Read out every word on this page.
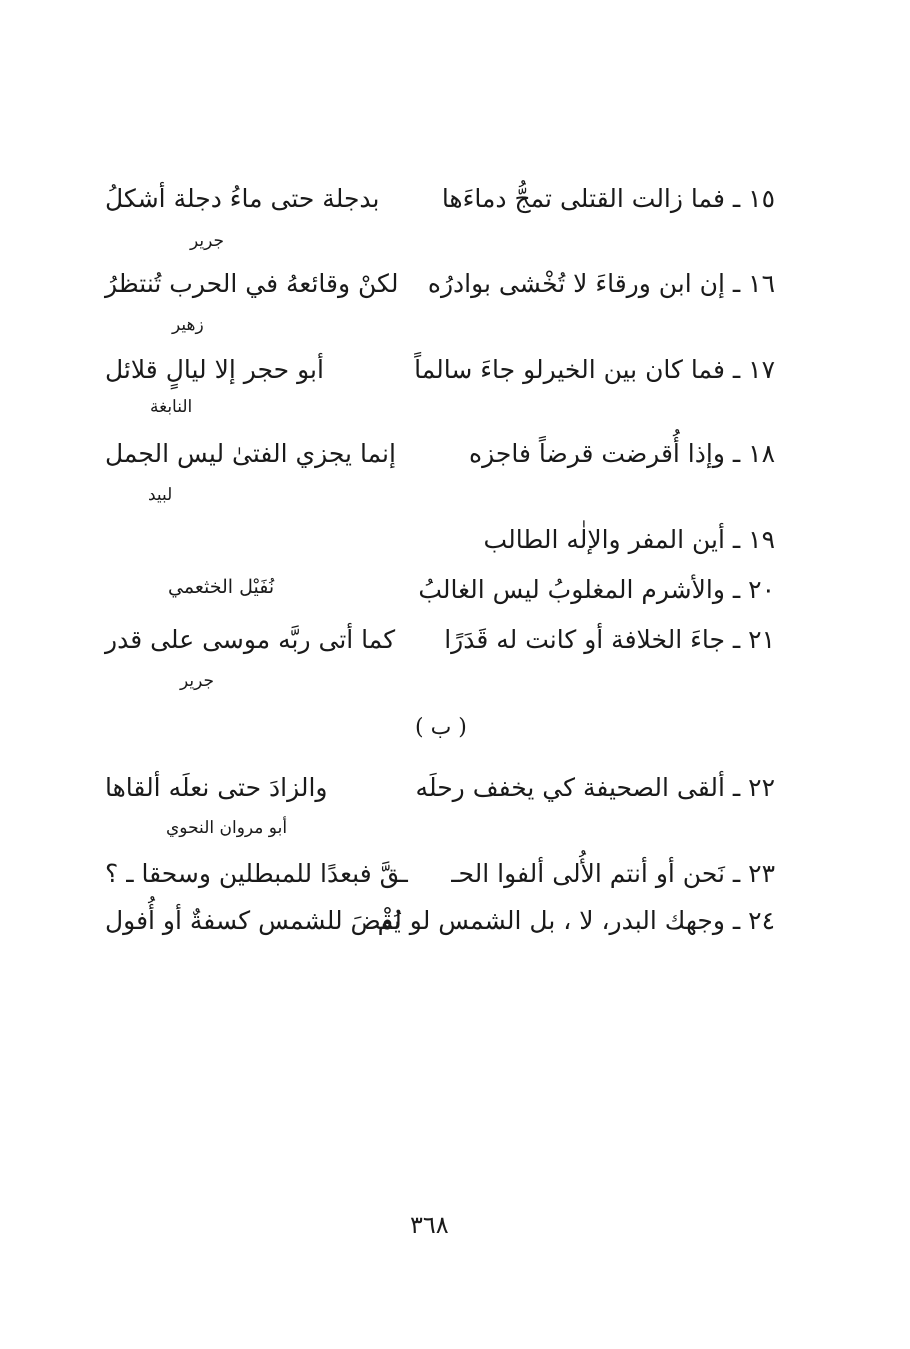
١٥ ـ فما زالت القتلى تمجُّ دماءَها
بدجلة حتى ماءُ دجلة أشكلُ
جرير
١٦ ـ إن ابن ورقاءَ لا تُخْشى بوادرُه
لكنْ وقائعهُ في الحرب تُنتظرُ
زهير
١٧ ـ فما كان بين الخيرلو جاءَ سالماً
أبو حجر إلا ليالٍ قلائل
النابغة
١٨ ـ وإذا أُقرضت قرضاً فاجزه
إنما يجزي الفتىٰ ليس الجمل
لبيد
١٩ ـ أين المفر والإلٰه الطالب
٢٠ ـ والأشرم المغلوبُ ليس الغالبُ
نُفَيْل الخثعمي
٢١ ـ جاءَ الخلافة أو كانت له قَدَرًا
كما أتى ربَّه موسى على قدر
جرير
( ب )
٢٢ ـ ألقى الصحيفة كي يخفف رحلَه
والزادَ حتى نعلَه ألقاها
أبو مروان النحوي
٢٣ ـ نَحن أو أنتم الأُلى ألفوا الحـ
ـقَّ فبعدًا للمبطلين وسحقا ـ ؟
٢٤ ـ وجهك البدر، لا ، بل الشمس لو لم
يُقْضَ للشمس كسفةٌ أو أُفول
٣٦٨
